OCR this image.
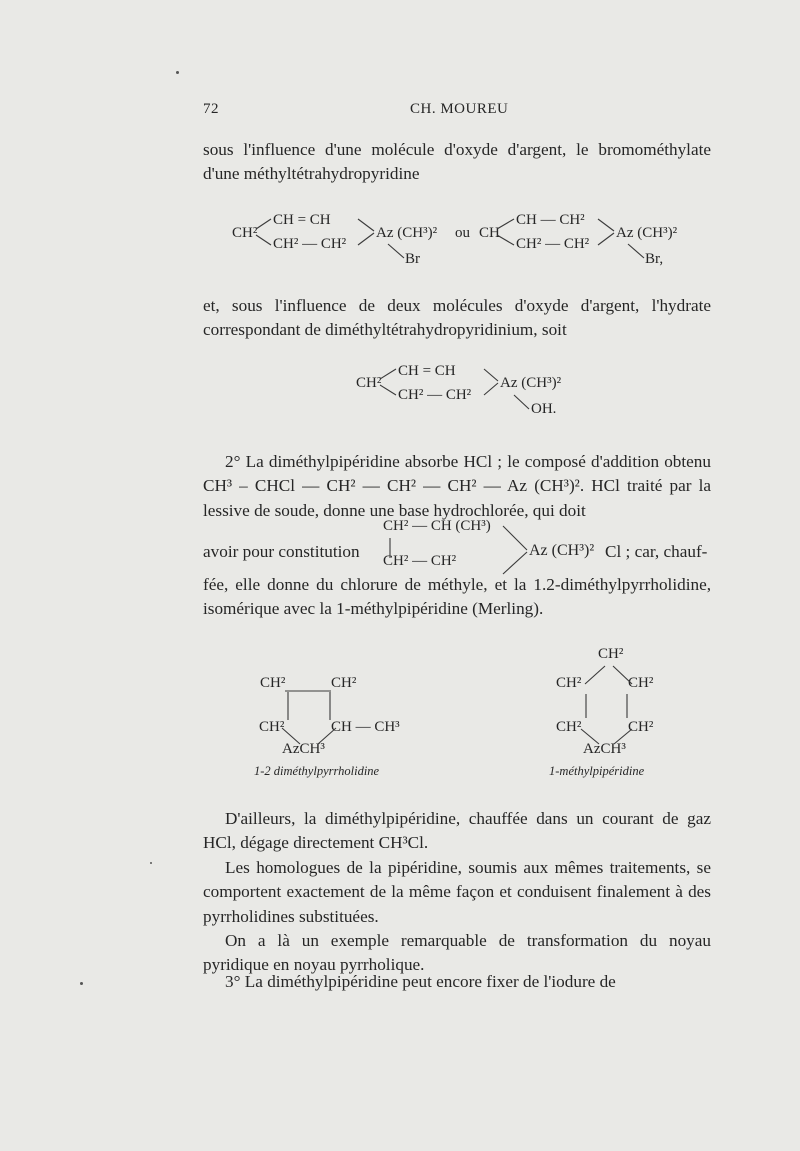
72	CH. MOUREU
sous l'influence d'une molécule d'oxyde d'argent, le bromométhylate d'une méthyltétrahydropyridine
CH²
CH = CH
CH² — CH²
Az (CH³)²
Br
ou CH
CH — CH²
CH² — CH²
Az (CH³)²
Br,
et, sous l'influence de deux molécules d'oxyde d'argent, l'hydrate correspondant de diméthyltétrahydropyridinium, soit
CH²
CH = CH
CH² — CH²
Az (CH³)²
OH.
2° La diméthylpipéridine absorbe HCl ; le composé d'addition obtenu CH³ – CHCl — CH² — CH² — CH² — Az (CH³)². HCl traité par la lessive de soude, donne une base hydrochlorée, qui doit
avoir pour constitution
CH² — CH (CH³)
CH² — CH²
Az (CH³)² Cl ; car, chauf-
fée, elle donne du chlorure de méthyle, et la 1.2-diméthylpyrrholidine, isomérique avec la 1-méthylpipéridine (Merling).
CH²	CH²
CH²	CH — CH³
AzCH³
1-2 diméthylpyrrholidine
CH²
CH²	CH²
CH²	CH²
AzCH³
1-méthylpipéridine
D'ailleurs, la diméthylpipéridine, chauffée dans un courant de gaz HCl, dégage directement CH³Cl.
Les homologues de la pipéridine, soumis aux mêmes traitements, se comportent exactement de la même façon et conduisent finalement à des pyrrholidines substituées.
On a là un exemple remarquable de transformation du noyau pyridique en noyau pyrrholique.
3° La diméthylpipéridine peut encore fixer de l'iodure de
